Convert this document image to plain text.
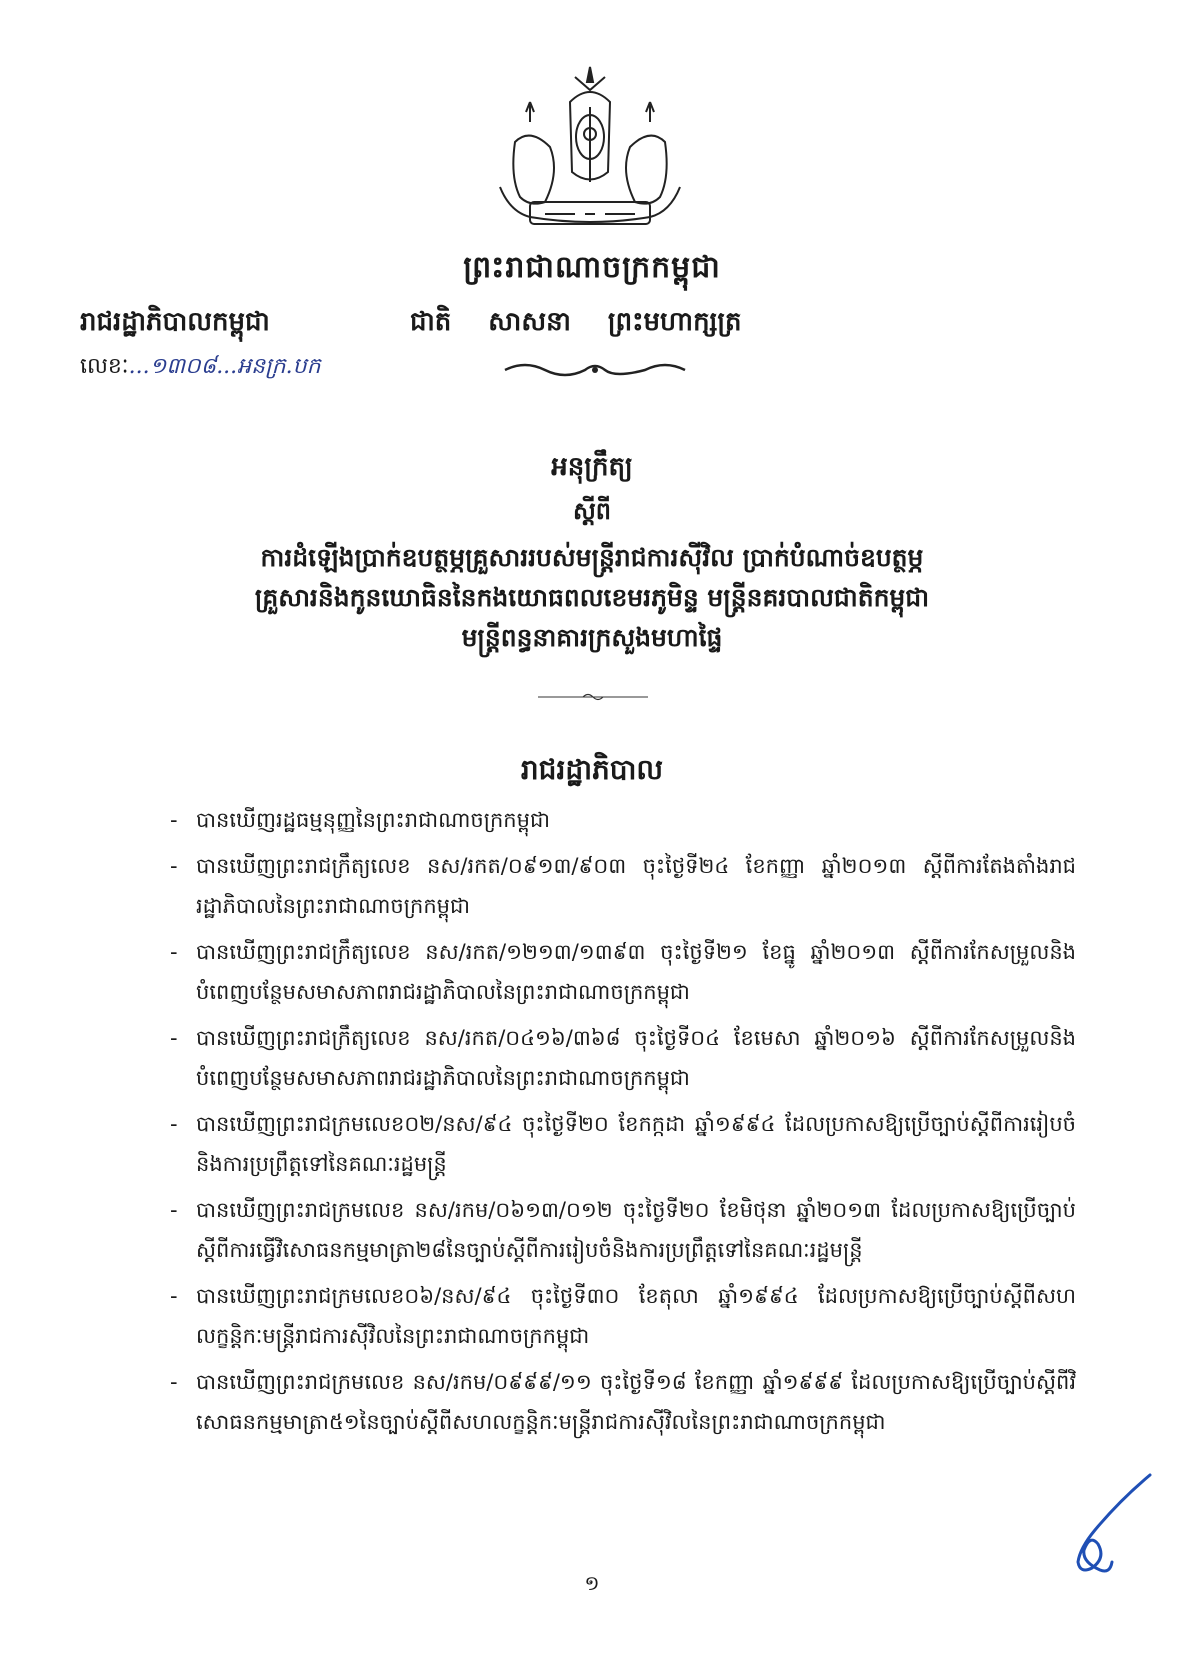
ព្រះរាជាណាចក្រកម្ពុជា
រាជរដ្ឋាភិបាលកម្ពុជា	ជាតិ សាសនា ព្រះមហាក្សត្រ
លេខៈ...១៣០៨...អនក្រ.បក
អនុក្រឹត្យ
ស្តីពី
ការដំឡើងប្រាក់ឧបត្ថម្ភគ្រួសាររបស់មន្ត្រីរាជការស៊ីវិល ប្រាក់បំណាច់ឧបត្ថម្ភ
គ្រួសារនិងកូនឃោធិននៃកងយោធពលខេមរភូមិន្ទ មន្ត្រីនគរបាលជាតិកម្ពុជា
មន្ត្រីពន្ធនាគារក្រសួងមហាផ្ទៃ
រាជរដ្ឋាភិបាល
- បានឃើញរដ្ឋធម្មនុញ្ញនៃព្រះរាជាណាចក្រកម្ពុជា
- បានឃើញព្រះរាជក្រឹត្យលេខ នស/រកត/០៩១៣/៩០៣ ចុះថ្ងៃទី២៤ ខែកញ្ញា ឆ្នាំ២០១៣ ស្តីពីការតែងតាំងរាជរដ្ឋាភិបាលនៃព្រះរាជាណាចក្រកម្ពុជា
- បានឃើញព្រះរាជក្រឹត្យលេខ នស/រកត/១២១៣/១៣៩៣ ចុះថ្ងៃទី២១ ខែធ្នូ ឆ្នាំ២០១៣ ស្តីពីការកែសម្រួលនិងបំពេញបន្ថែមសមាសភាពរាជរដ្ឋាភិបាលនៃព្រះរាជាណាចក្រកម្ពុជា
- បានឃើញព្រះរាជក្រឹត្យលេខ នស/រកត/០៤១៦/៣៦៨ ចុះថ្ងៃទី០៤ ខែមេសា ឆ្នាំ២០១៦ ស្តីពីការកែសម្រួលនិងបំពេញបន្ថែមសមាសភាពរាជរដ្ឋាភិបាលនៃព្រះរាជាណាចក្រកម្ពុជា
- បានឃើញព្រះរាជក្រមលេខ០២/នស/៩៤ ចុះថ្ងៃទី២០ ខែកក្កដា ឆ្នាំ១៩៩៤ ដែលប្រកាសឱ្យប្រើច្បាប់ស្តីពីការរៀបចំនិងការប្រព្រឹត្តទៅនៃគណៈរដ្ឋមន្ត្រី
- បានឃើញព្រះរាជក្រមលេខ នស/រកម/០៦១៣/០១២ ចុះថ្ងៃទី២០ ខែមិថុនា ឆ្នាំ២០១៣ ដែលប្រកាសឱ្យប្រើច្បាប់ស្តីពីការធ្វើវិសោធនកម្មមាត្រា២៨នៃច្បាប់ស្តីពីការរៀបចំនិងការប្រព្រឹត្តទៅនៃគណៈរដ្ឋមន្ត្រី
- បានឃើញព្រះរាជក្រមលេខ០៦/នស/៩៤ ចុះថ្ងៃទី៣០ ខែតុលា ឆ្នាំ១៩៩៤ ដែលប្រកាសឱ្យប្រើច្បាប់ស្តីពីសហលក្ខន្តិកៈមន្ត្រីរាជការស៊ីវិលនៃព្រះរាជាណាចក្រកម្ពុជា
- បានឃើញព្រះរាជក្រមលេខ នស/រកម/០៩៩៩/១១ ចុះថ្ងៃទី១៨ ខែកញ្ញា ឆ្នាំ១៩៩៩ ដែលប្រកាសឱ្យប្រើច្បាប់ស្តីពីវិសោធនកម្មមាត្រា៥១នៃច្បាប់ស្តីពីសហលក្ខន្តិកៈមន្ត្រីរាជការស៊ីវិលនៃព្រះរាជាណាចក្រកម្ពុជា
១
